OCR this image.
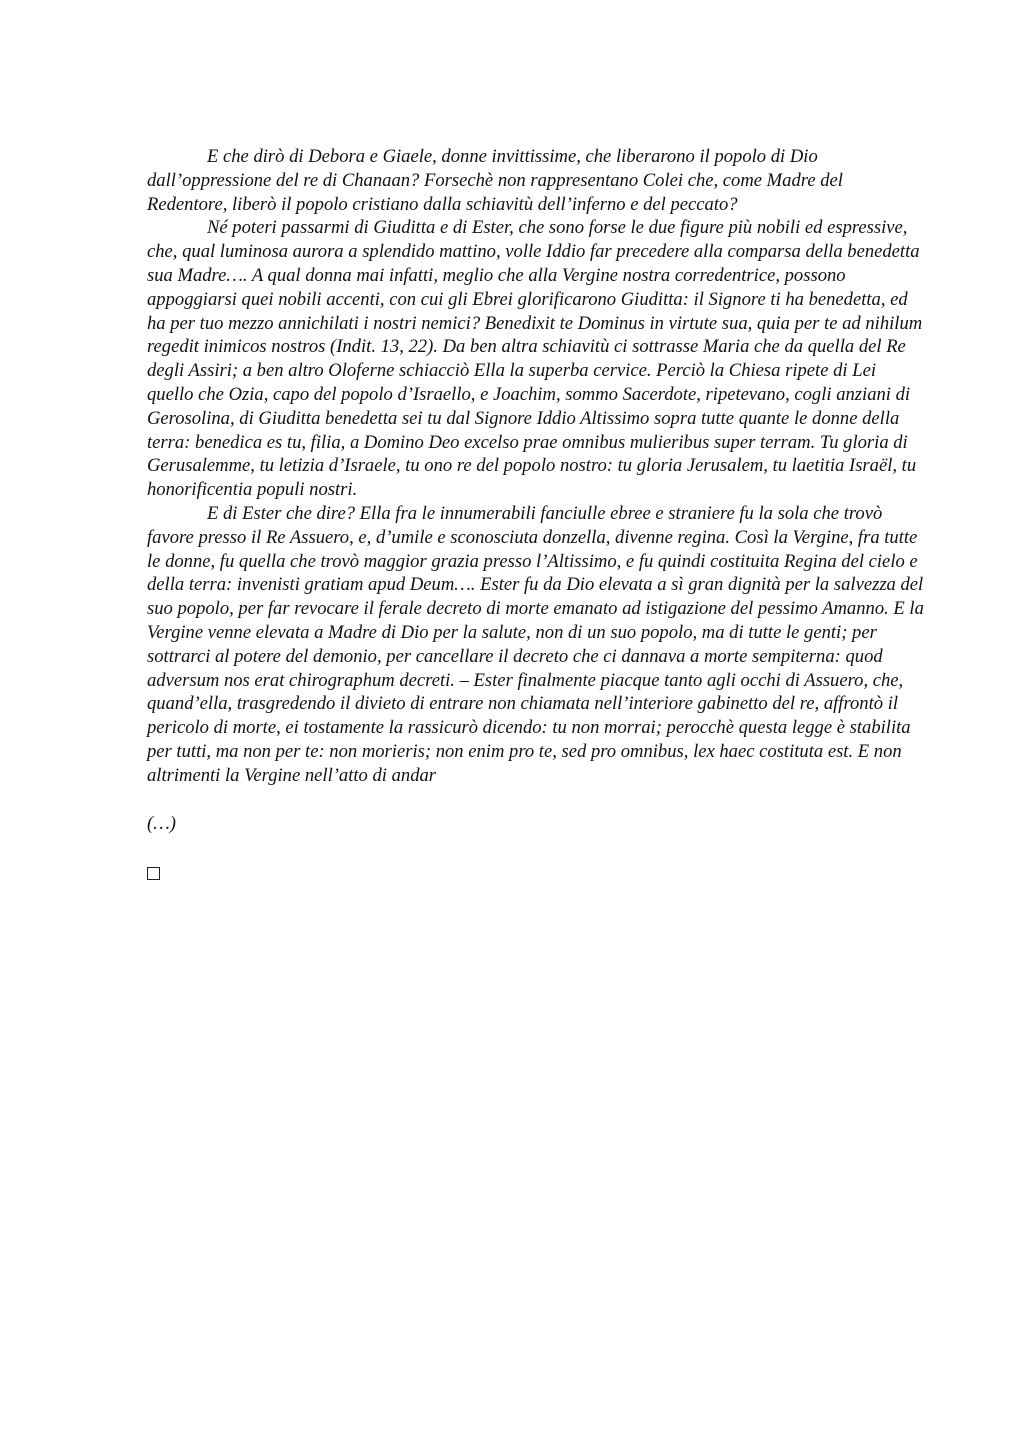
E che dirò di Debora e Giaele, donne invittissime, che liberarono il popolo di Dio dall’oppressione del re di Chanaan? Forsechè non rappresentano Colei che, come Madre del Redentore, liberò il popolo cristiano dalla schiavitù dell’inferno e del peccato?

Né poteri passarmi di Giuditta e di Ester, che sono forse le due figure più nobili ed espressive, che, qual luminosa aurora a splendido mattino, volle Iddio far precedere alla comparsa della benedetta sua Madre…. A qual donna mai infatti, meglio che alla Vergine nostra corredentrice, possono appoggiarsi quei nobili accenti, con cui gli Ebrei glorificarono Giuditta: il Signore ti ha benedetta, ed ha per tuo mezzo annichilati i nostri nemici? Benedixit te Dominus in virtute sua, quia per te ad nihilum regedit inimicos nostros (Indit. 13, 22). Da ben altra schiavitù ci sottrasse Maria che da quella del Re degli Assiri; a ben altro Oloferne schiacciò Ella la superba cervice. Perciò la Chiesa ripete di Lei quello che Ozia, capo del popolo d’Israello, e Joachim, sommo Sacerdote, ripetevano, cogli anziani di Gerosolina, di Giuditta benedetta sei tu dal Signore Iddio Altissimo sopra tutte quante le donne della terra: benedica es tu, filia, a Domino Deo excelso prae omnibus mulieribus super terram. Tu gloria di Gerusalemme, tu letizia d’Israele, tu ono re del popolo nostro: tu gloria Jerusalem, tu laetitia Israël, tu honorificentia populi nostri.

E di Ester che dire? Ella fra le innumerabili fanciulle ebree e straniere fu la sola che trovò favore presso il Re Assuero, e, d’umile e sconosciuta donzella, divenne regina. Così la Vergine, fra tutte le donne, fu quella che trovò maggior grazia presso l’Altissimo, e fu quindi costituita Regina del cielo e della terra: invenisti gratiam apud Deum…. Ester fu da Dio elevata a sì gran dignità per la salvezza del suo popolo, per far revocare il ferale decreto di morte emanato ad istigazione del pessimo Amanno. E la Vergine venne elevata a Madre di Dio per la salute, non di un suo popolo, ma di tutte le genti; per sottrarci al potere del demonio, per cancellare il decreto che ci dannava a morte sempiterna: quod adversum nos erat chirographum decreti. – Ester finalmente piacque tanto agli occhi di Assuero, che, quand’ella, trasgredendo il divieto di entrare non chiamata nell’interiore gabinetto del re, affrontò il pericolo di morte, ei tostamente la rassicurò dicendo: tu non morrai; perocchè questa legge è stabilita per tutti, ma non per te: non morieris; non enim pro te, sed pro omnibus, lex haec costituta est. E non altrimenti la Vergine nell’atto di andar

(…)
